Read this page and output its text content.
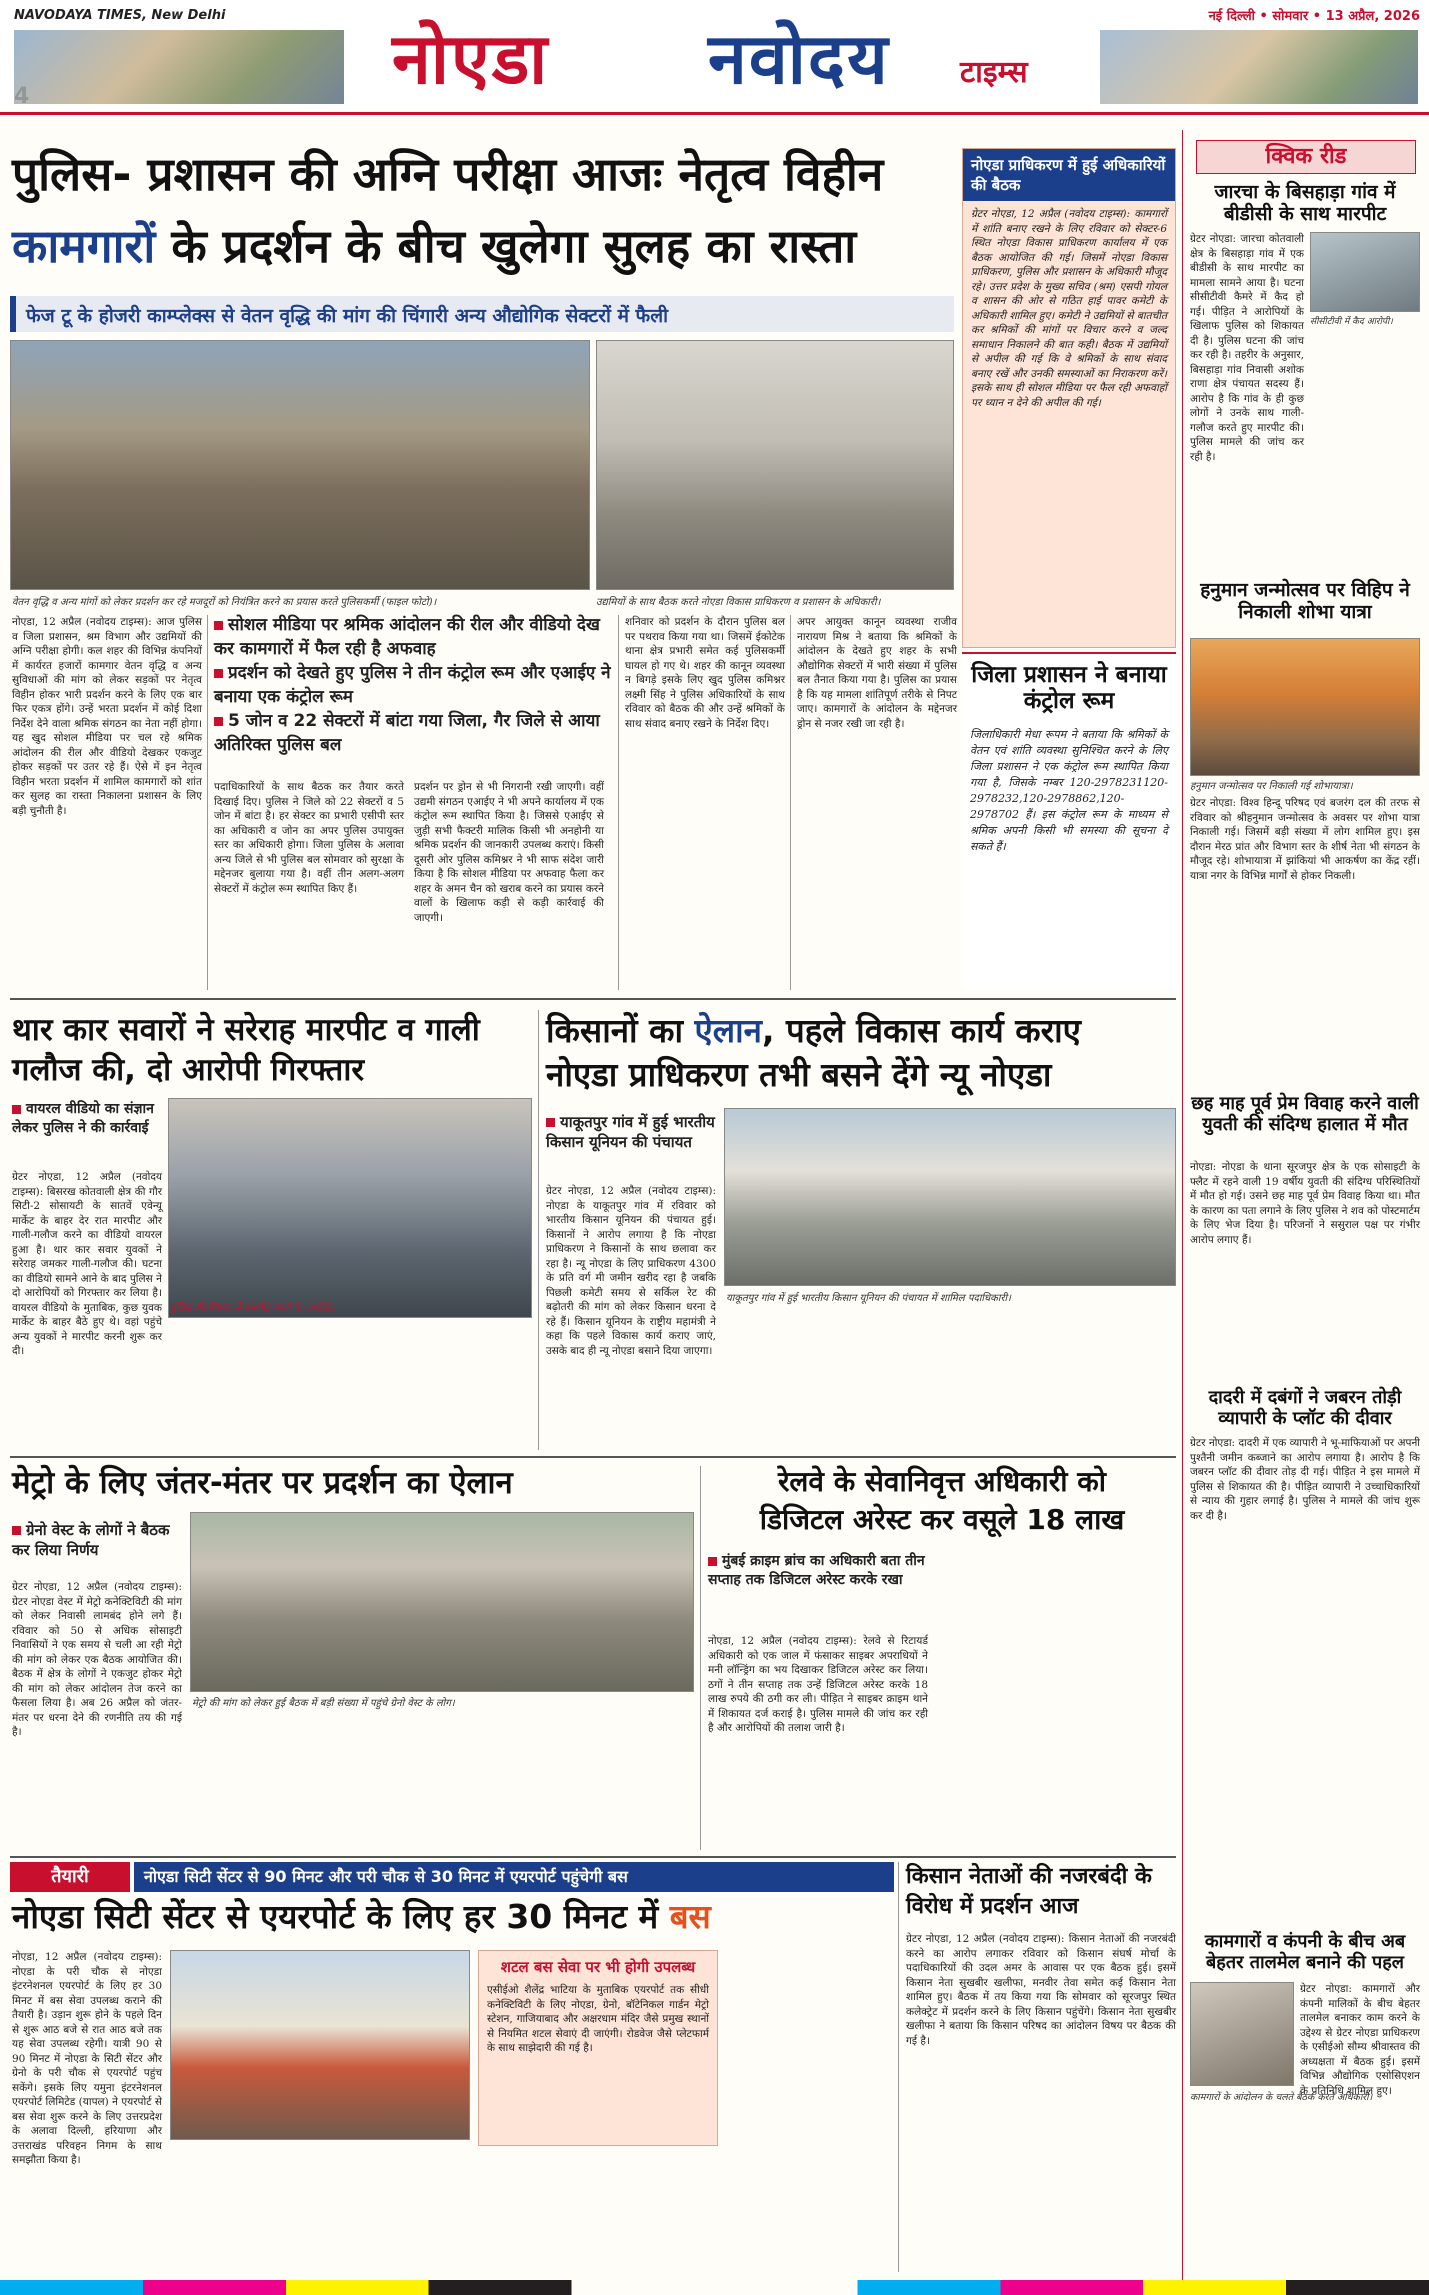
NAVODAYA TIMES, New Delhi
नोएडा नवोदय टाइम्स
नई दिल्ली • सोमवार • 13 अप्रैल, 2026
पुलिस- प्रशासन की अग्नि परीक्षा आजः नेतृत्व विहीन
कामगारों के प्रदर्शन के बीच खुलेगा सुलह का रास्ता
फेज टू के होजरी काम्प्लेक्स से वेतन वृद्धि की मांग की चिंगारी अन्य औद्योगिक सेक्टरों में फैली
वेतन वृद्धि व अन्य मांगों को लेकर प्रदर्शन कर रहे मजदूरों को नियंत्रित करने का प्रयास करते पुलिसकर्मी (फाइल फोटो)।	उद्यमियों के साथ बैठक करते नोएडा विकास प्राधिकरण व प्रशासन के अधिकारी।
नोएडा, 12 अप्रैल (नवोदय टाइम्स): आज पुलिस व जिला प्रशासन, श्रम विभाग और उद्यमियों की अग्नि परीक्षा होगी। कल शहर की विभिन्न कंपनियों में कार्यरत हजारों कामगार वेतन वृद्धि व अन्य सुविधाओं की मांग को लेकर सड़कों पर नेतृत्व विहीन होकर भारी प्रदर्शन करने के लिए एक बार फिर एकत्र होंगे। उन्हें भरता प्रदर्शन में कोई दिशा निर्देश देने वाला श्रमिक संगठन का नेता नहीं होगा। यह खुद सोशल मीडिया पर चल रहे श्रमिक आंदोलन की रील और वीडियो देखकर एकजुट होकर सड़कों पर उतर रहे हैं। ऐसे में इन नेतृत्व विहीन भरता प्रदर्शन में शामिल कामगारों को शांत कर सुलह का रास्ता निकालना प्रशासन के लिए बड़ी चुनौती है।
सोशल मीडिया पर श्रमिक आंदोलन की रील और वीडियो देख कर कामगारों में फैल रही है अफवाह
प्रदर्शन को देखते हुए पुलिस ने तीन कंट्रोल रूम और एआईए ने बनाया एक कंट्रोल रूम
5 जोन व 22 सेक्टरों में बांटा गया जिला, गैर जिले से आया अतिरिक्त पुलिस बल
पदाधिकारियों के साथ बैठक कर तैयार करते दिखाई दिए। पुलिस ने जिले को 22 सेक्टरों व 5 जोन में बांटा है। हर सेक्टर का प्रभारी एसीपी स्तर का अधिकारी व जोन का अपर पुलिस उपायुक्त स्तर का अधिकारी होगा। जिला पुलिस के अलावा अन्य जिले से भी पुलिस बल सोमवार को सुरक्षा के मद्देनजर बुलाया गया है। वहीं तीन अलग-अलग सेक्टरों में कंट्रोल रूम स्थापित किए हैं।
प्रदर्शन पर ड्रोन से भी निगरानी रखी जाएगी। वहीं उद्यमी संगठन एआईए ने भी अपने कार्यालय में एक कंट्रोल रूम स्थापित किया है। जिससे एआईए से जुड़ी सभी फैक्टरी मालिक किसी भी अनहोनी या श्रमिक प्रदर्शन की जानकारी उपलब्ध कराएं। किसी दूसरी ओर पुलिस कमिश्नर ने भी साफ संदेश जारी किया है कि सोशल मीडिया पर अफवाह फैला कर शहर के अमन चैन को खराब करने का प्रयास करने वालों के खिलाफ कड़ी से कड़ी कार्रवाई की जाएगी।
शनिवार को प्रदर्शन के दौरान पुलिस बल पर पथराव किया गया था। जिसमें ईकोटेक थाना क्षेत्र प्रभारी समेत कई पुलिसकर्मी घायल हो गए थे। शहर की कानून व्यवस्था न बिगड़े इसके लिए खुद पुलिस कमिश्नर लक्ष्मी सिंह ने पुलिस अधिकारियों के साथ रविवार को बैठक की और उन्हें श्रमिकों के साथ संवाद बनाए रखने के निर्देश दिए।
अपर आयुक्त कानून व्यवस्था राजीव नारायण मिश्र ने बताया कि श्रमिकों के आंदोलन के देखते हुए शहर के सभी औद्योगिक सेक्टरों में भारी संख्या में पुलिस बल तैनात किया गया है। पुलिस का प्रयास है कि यह मामला शांतिपूर्ण तरीके से निपट जाए। कामगारों के आंदोलन के मद्देनजर ड्रोन से नजर रखी जा रही है।
नोएडा प्राधिकरण में हुई अधिकारियों की बैठक
ग्रेटर नोएडा, 12 अप्रैल (नवोदय टाइम्स): कामगारों में शांति बनाए रखने के लिए रविवार को सेक्टर-6 स्थित नोएडा विकास प्राधिकरण कार्यालय में एक बैठक आयोजित की गई। जिसमें नोएडा विकास प्राधिकरण, पुलिस और प्रशासन के अधिकारी मौजूद रहे। उत्तर प्रदेश के मुख्य सचिव (श्रम) एसपी गोयल व शासन की ओर से गठित हाई पावर कमेटी के अधिकारी शामिल हुए। कमेटी ने उद्यमियों से बातचीत कर श्रमिकों की मांगों पर विचार करने व जल्द समाधान निकालने की बात कही। बैठक में उद्यमियों से अपील की गई कि वे श्रमिकों के साथ संवाद बनाए रखें और उनकी समस्याओं का निराकरण करें। इसके साथ ही सोशल मीडिया पर फैल रही अफवाहों पर ध्यान न देने की अपील की गई।
जिला प्रशासन ने बनाया कंट्रोल रूम
जिलाधिकारी मेधा रूपम ने बताया कि श्रमिकों के वेतन एवं शांति व्यवस्था सुनिश्चित करने के लिए जिला प्रशासन ने एक कंट्रोल रूम स्थापित किया गया है, जिसके नम्बर 120-2978231120-2978232,120-2978862,120-2978702 हैं। इस कंट्रोल रूम के माध्यम से श्रमिक अपनी किसी भी समस्या की सूचना दे सकते हैं।
क्विक रीड
जारचा के बिसहाड़ा गांव में बीडीसी के साथ मारपीट
सीसीटीवी में कैद आरोपी।
ग्रेटर नोएडा: जारचा कोतवाली क्षेत्र के बिसहाड़ा गांव में एक बीडीसी के साथ मारपीट का मामला सामने आया है। घटना सीसीटीवी कैमरे में कैद हो गई। पीड़ित ने आरोपियों के खिलाफ पुलिस को शिकायत दी है। पुलिस घटना की जांच कर रही है। तहरीर के अनुसार, बिसहाड़ा गांव निवासी अशोक राणा क्षेत्र पंचायत सदस्य हैं। आरोप है कि गांव के ही कुछ लोगों ने उनके साथ गाली-गलौज करते हुए मारपीट की। पुलिस मामले की जांच कर रही है।
हनुमान जन्मोत्सव पर विहिप ने निकाली शोभा यात्रा
हनुमान जन्मोत्सव पर निकाली गई शोभायात्रा।
ग्रेटर नोएडा: विश्व हिन्दू परिषद एवं बजरंग दल की तरफ से रविवार को श्रीहनुमान जन्मोत्सव के अवसर पर शोभा यात्रा निकाली गई। जिसमें बड़ी संख्या में लोग शामिल हुए। इस दौरान मेरठ प्रांत और विभाग स्तर के शीर्ष नेता भी संगठन के मौजूद रहे। शोभायात्रा में झांकियां भी आकर्षण का केंद्र रहीं। यात्रा नगर के विभिन्न मार्गों से होकर निकली।
छह माह पूर्व प्रेम विवाह करने वाली युवती की संदिग्ध हालात में मौत
नोएडा: नोएडा के थाना सूरजपुर क्षेत्र के एक सोसाइटी के फ्लैट में रहने वाली 19 वर्षीय युवती की संदिग्ध परिस्थितियों में मौत हो गई। उसने छह माह पूर्व प्रेम विवाह किया था। मौत के कारण का पता लगाने के लिए पुलिस ने शव को पोस्टमार्टम के लिए भेज दिया है। परिजनों ने ससुराल पक्ष पर गंभीर आरोप लगाए हैं।
दादरी में दबंगों ने जबरन तोड़ी व्यापारी के प्लॉट की दीवार
ग्रेटर नोएडा: दादरी में एक व्यापारी ने भू-माफियाओं पर अपनी पुश्तैनी जमीन कब्जाने का आरोप लगाया है। आरोप है कि जबरन प्लॉट की दीवार तोड़ दी गई। पीड़ित ने इस मामले में पुलिस से शिकायत की है। पीड़ित व्यापारी ने उच्चाधिकारियों से न्याय की गुहार लगाई है। पुलिस ने मामले की जांच शुरू कर दी है।
कामगारों व कंपनी के बीच अब बेहतर तालमेल बनाने की पहल
ग्रेटर नोएडा: कामगारों और कंपनी मालिकों के बीच बेहतर तालमेल बनाकर काम करने के उद्देश्य से ग्रेटर नोएडा प्राधिकरण के एसीईओ सौम्य श्रीवास्तव की अध्यक्षता में बैठक हुई। इसमें विभिन्न औद्योगिक एसोसिएशन के प्रतिनिधि शामिल हुए।
कामगारों के आंदोलन के चलते बैठक करते अधिकारी।
थार कार सवारों ने सरेराह मारपीट व गाली गलौज की, दो आरोपी गिरफ्तार
वायरल वीडियो का संज्ञान लेकर पुलिस ने की कार्रवाई
पुलिस की गिरफ्त में मारपीट करने के आरोपी।
ग्रेटर नोएडा, 12 अप्रैल (नवोदय टाइम्स): बिसरख कोतवाली क्षेत्र की गौर सिटी-2 सोसायटी के सातवें एवेन्यू मार्केट के बाहर देर रात मारपीट और गाली-गलौज करने का वीडियो वायरल हुआ है। थार कार सवार युवकों ने सरेराह जमकर गाली-गलौज की। घटना का वीडियो सामने आने के बाद पुलिस ने दो आरोपियों को गिरफ्तार कर लिया है। वायरल वीडियो के मुताबिक, कुछ युवक मार्केट के बाहर बैठे हुए थे। वहां पहुंचे अन्य युवकों ने मारपीट करनी शुरू कर दी।
किसानों का ऐलान, पहले विकास कार्य कराए
नोएडा प्राधिकरण तभी बसने देंगे न्यू नोएडा
याकूतपुर गांव में हुई भारतीय किसान यूनियन की पंचायत
याकूतपुर गांव में हुई भारतीय किसान यूनियन की पंचायत में शामिल पदाधिकारी।
ग्रेटर नोएडा, 12 अप्रैल (नवोदय टाइम्स): नोएडा के याकूतपुर गांव में रविवार को भारतीय किसान यूनियन की पंचायत हुई। किसानों ने आरोप लगाया है कि नोएडा प्राधिकरण ने किसानों के साथ छलावा कर रहा है। न्यू नोएडा के लिए प्राधिकरण 4300 के प्रति वर्ग मी जमीन खरीद रहा है जबकि पिछली कमेटी समय से सर्किल रेट की बढ़ोतरी की मांग को लेकर किसान धरना दे रहे हैं। किसान यूनियन के राष्ट्रीय महामंत्री ने कहा कि पहले विकास कार्य कराए जाएं, उसके बाद ही न्यू नोएडा बसाने दिया जाएगा।
मेट्रो के लिए जंतर-मंतर पर प्रदर्शन का ऐलान
ग्रेनो वेस्ट के लोगों ने बैठक कर लिया निर्णय
मेट्रो की मांग को लेकर हुई बैठक में बड़ी संख्या में पहुंचे ग्रेनो वेस्ट के लोग।
ग्रेटर नोएडा, 12 अप्रैल (नवोदय टाइम्स): ग्रेटर नोएडा वेस्ट में मेट्रो कनेक्टिविटी की मांग को लेकर निवासी लामबंद होने लगे हैं। रविवार को 50 से अधिक सोसाइटी निवासियों ने एक समय से चली आ रही मेट्रो की मांग को लेकर एक बैठक आयोजित की। बैठक में क्षेत्र के लोगों ने एकजुट होकर मेट्रो की मांग को लेकर आंदोलन तेज करने का फैसला लिया है। अब 26 अप्रैल को जंतर-मंतर पर धरना देने की रणनीति तय की गई है।
रेलवे के सेवानिवृत्त अधिकारी को
डिजिटल अरेस्ट कर वसूले 18 लाख
मुंबई क्राइम ब्रांच का अधिकारी बता तीन सप्ताह तक डिजिटल अरेस्ट करके रखा
नोएडा, 12 अप्रैल (नवोदय टाइम्स): रेलवे से रिटायर्ड अधिकारी को एक जाल में फंसाकर साइबर अपराधियों ने मनी लॉन्ड्रिंग का भय दिखाकर डिजिटल अरेस्ट कर लिया। ठगों ने तीन सप्ताह तक उन्हें डिजिटल अरेस्ट करके 18 लाख रुपये की ठगी कर ली। पीड़ित ने साइबर क्राइम थाने में शिकायत दर्ज कराई है। पुलिस मामले की जांच कर रही है और आरोपियों की तलाश जारी है।
तैयारी	नोएडा सिटी सेंटर से 90 मिनट और परी चौक से 30 मिनट में एयरपोर्ट पहुंचेगी बस
नोएडा सिटी सेंटर से एयरपोर्ट के लिए हर 30 मिनट में बस
नोएडा, 12 अप्रैल (नवोदय टाइम्स): नोएडा के परी चौक से नोएडा इंटरनेशनल एयरपोर्ट के लिए हर 30 मिनट में बस सेवा उपलब्ध कराने की तैयारी है। उड़ान शुरू होने के पहले दिन से शुरू आठ बजे से रात आठ बजे तक यह सेवा उपलब्ध रहेगी। यात्री 90 से 90 मिनट में नोएडा के सिटी सेंटर और ग्रेनो के परी चौक से एयरपोर्ट पहुंच सकेंगे। इसके लिए यमुना इंटरनेशनल एयरपोर्ट लिमिटेड (यापल) ने एयरपोर्ट से बस सेवा शुरू करने के लिए उत्तरप्रदेश के अलावा दिल्ली, हरियाणा और उत्तराखंड परिवहन निगम के साथ समझौता किया है।
शटल बस सेवा पर भी होगी उपलब्ध
एसीईओ शैलेंद्र भाटिया के मुताबिक एयरपोर्ट तक सीधी कनेक्टिविटी के लिए नोएडा, ग्रेनो, बॉटेनिकल गार्डन मेट्रो स्टेशन, गाजियाबाद और अक्षरधाम मंदिर जैसे प्रमुख स्थानों से नियमित शटल सेवाएं दी जाएंगी। रोडवेज जैसे प्लेटफार्म के साथ साझेदारी की गई है।
किसान नेताओं की नजरबंदी के विरोध में प्रदर्शन आज
ग्रेटर नोएडा, 12 अप्रैल (नवोदय टाइम्स): किसान नेताओं की नजरबंदी करने का आरोप लगाकर रविवार को किसान संघर्ष मोर्चा के पदाधिकारियों की उदल अमर के आवास पर एक बैठक हुई। इसमें किसान नेता सुखबीर खलीफा, मनवीर तेवा समेत कई किसान नेता शामिल हुए। बैठक में तय किया गया कि सोमवार को सूरजपुर स्थित कलेक्ट्रेट में प्रदर्शन करने के लिए किसान पहुंचेंगे। किसान नेता सुखबीर खलीफा ने बताया कि किसान परिषद का आंदोलन विषय पर बैठक की गई है।
